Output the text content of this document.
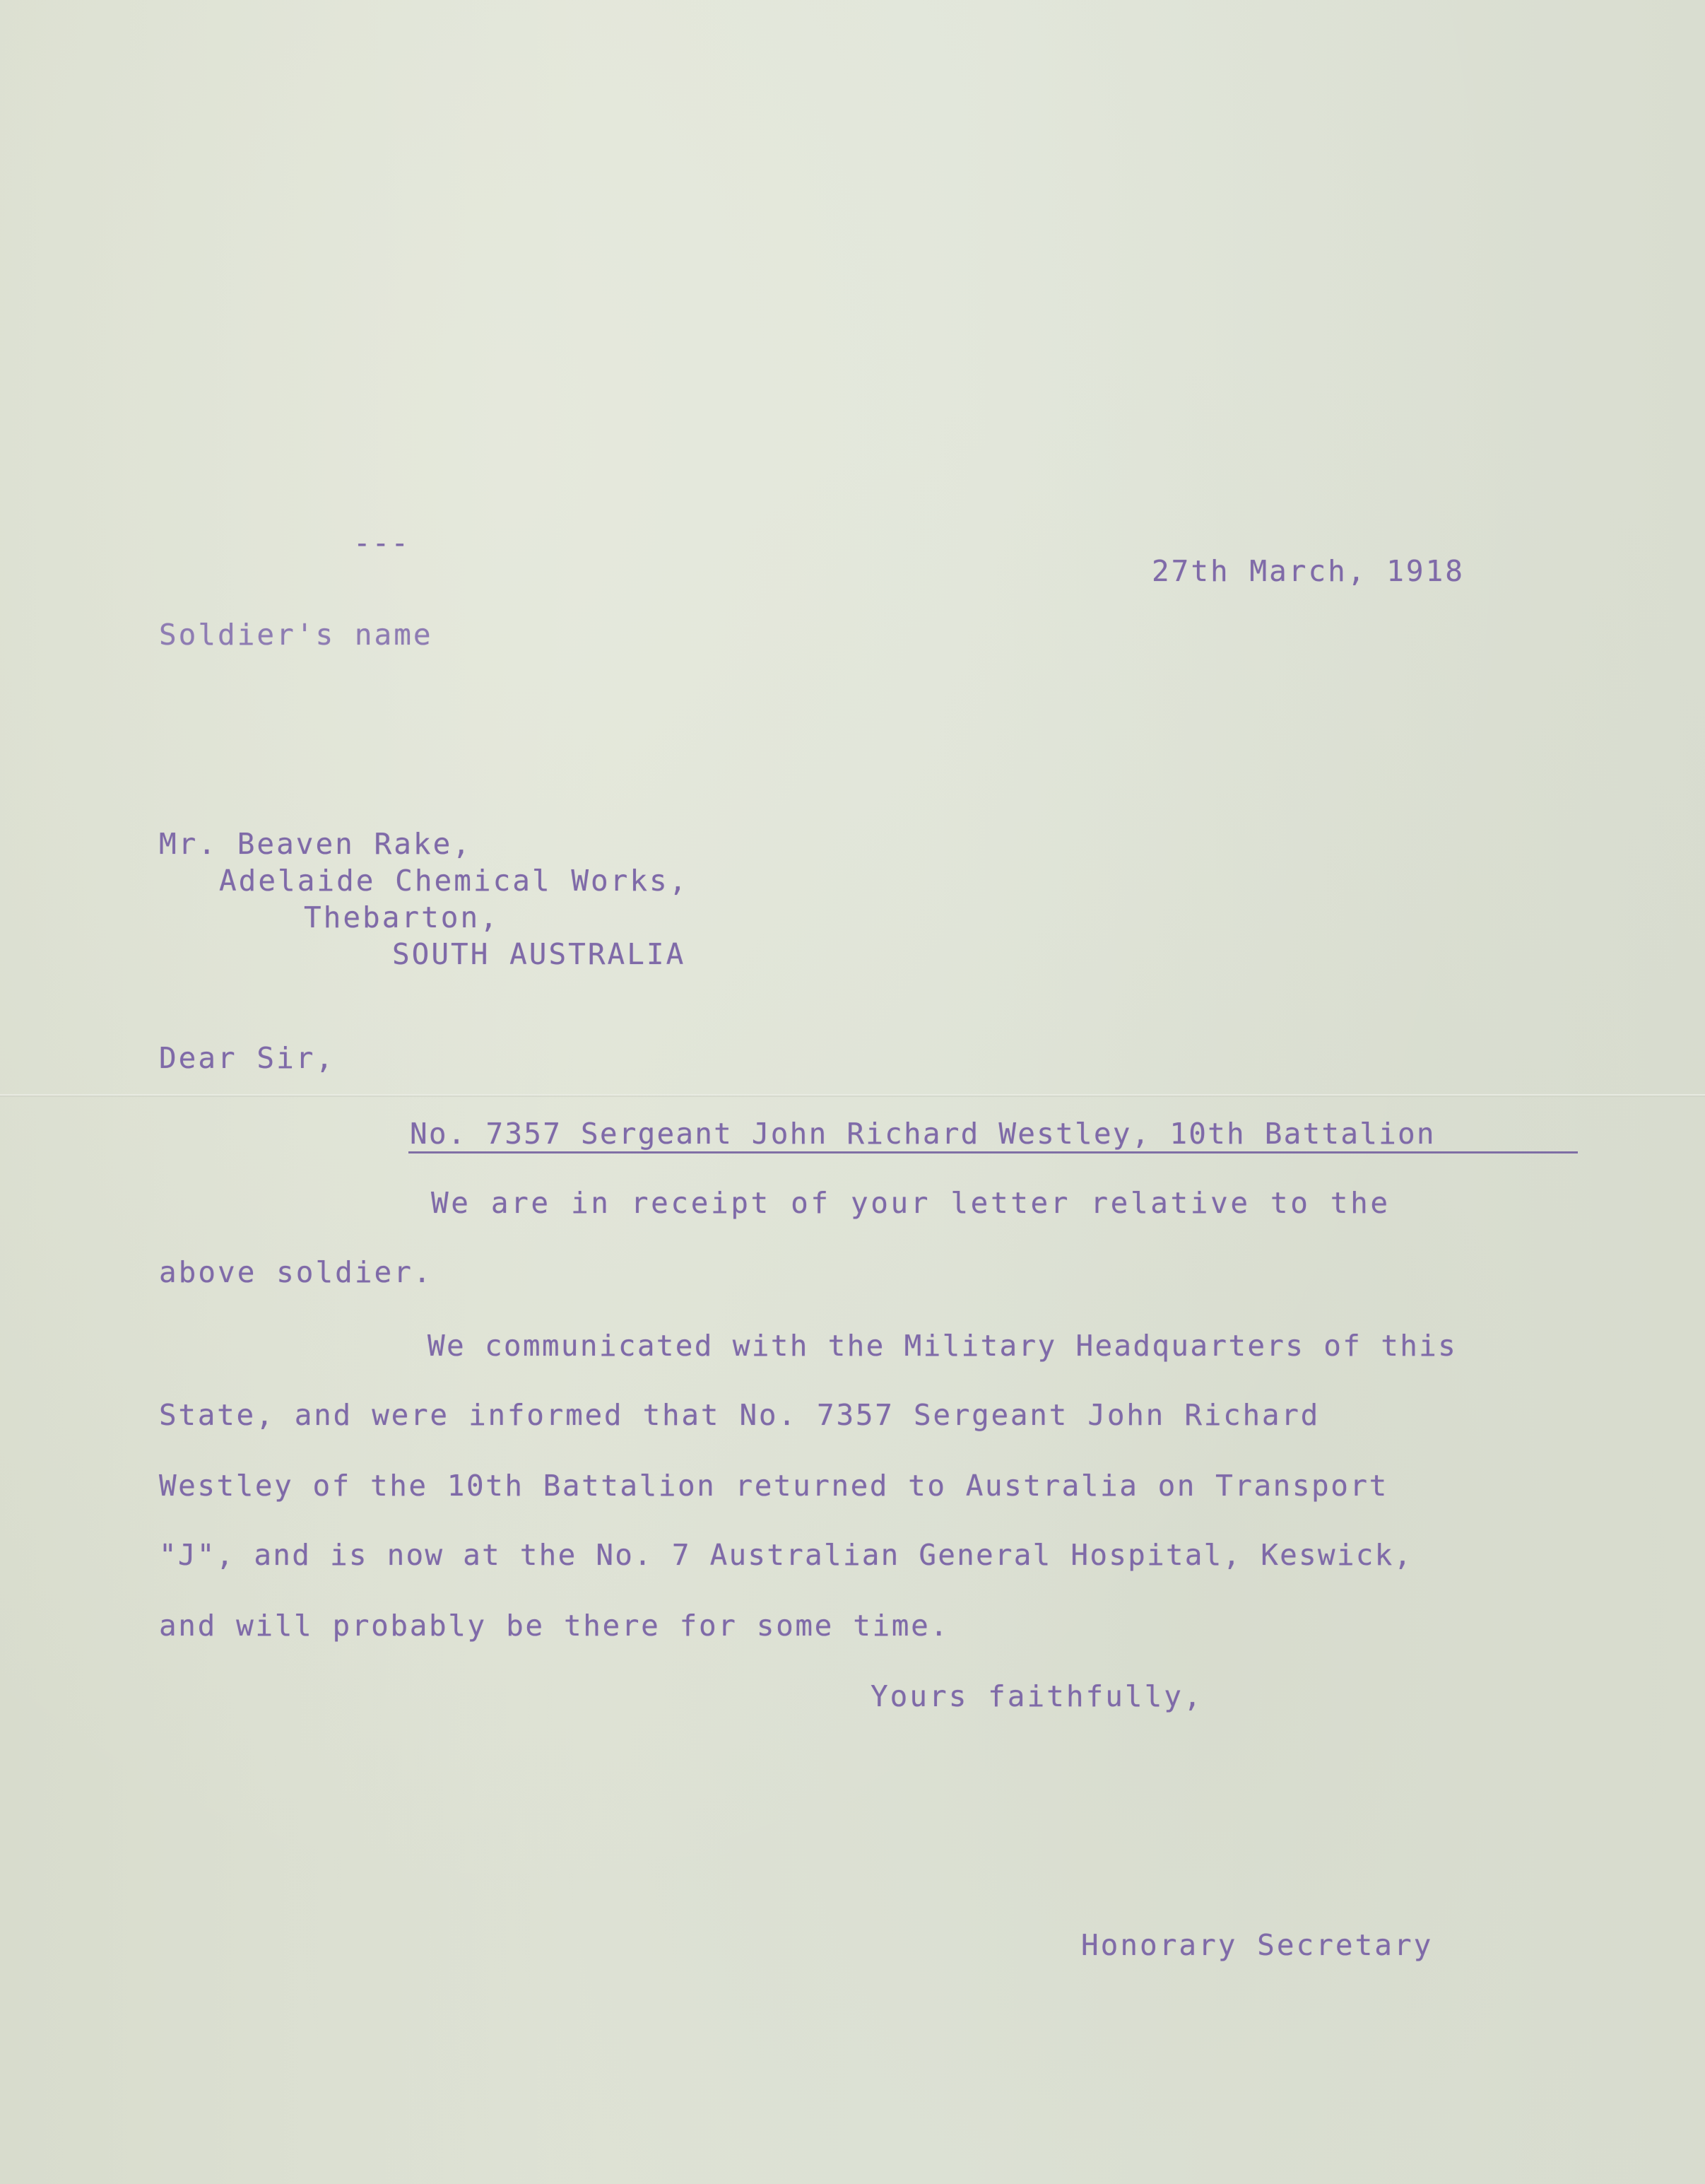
---
27th March, 1918
Soldier's name
Mr. Beaven Rake,
Adelaide Chemical Works,
Thebarton,
SOUTH AUSTRALIA
Dear Sir,
No. 7357 Sergeant John Richard Westley, 10th Battalion
We are in receipt of your letter relative to the
above soldier.
We communicated with the Military Headquarters of this
State, and were informed that No. 7357 Sergeant John Richard
Westley of the 10th Battalion returned to Australia on Transport
"J", and is now at the No. 7 Australian General Hospital, Keswick,
and will probably be there for some time.
Yours faithfully,
Honorary Secretary
